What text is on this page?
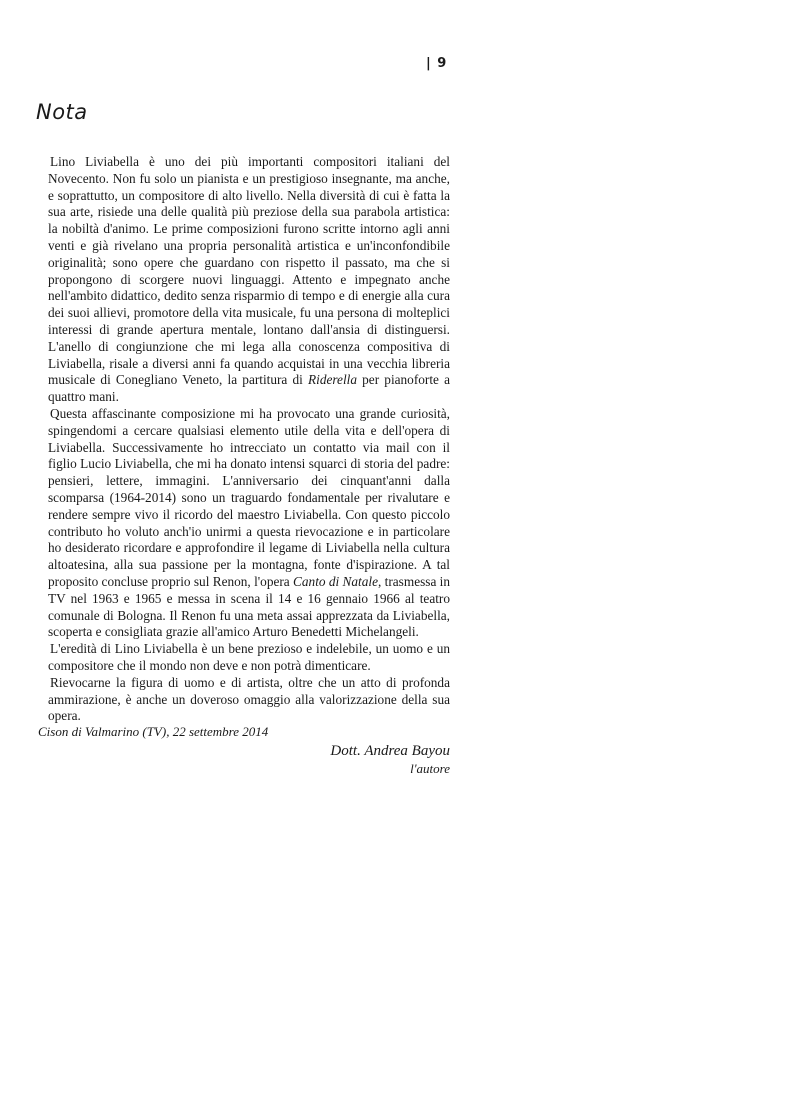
| 9
Nota

Lino Liviabella è uno dei più importanti compositori italiani del Novecento. Non fu solo un pianista e un prestigioso insegnante, ma anche, e soprattutto, un compositore di alto livello. Nella diversità di cui è fatta la sua arte, risiede una delle qualità più preziose della sua parabola artistica: la nobiltà d'animo. Le prime composizioni furono scritte intorno agli anni venti e già rivelano una propria personalità artistica e un'inconfondibile originalità; sono opere che guardano con rispetto il passato, ma che si propongono di scorgere nuovi linguaggi. Attento e impegnato anche nell'ambito didattico, dedito senza risparmio di tempo e di energie alla cura dei suoi allievi, promotore della vita musicale, fu una persona di molteplici interessi di grande apertura mentale, lontano dall'ansia di distinguersi. L'anello di congiunzione che mi lega alla conoscenza compositiva di Liviabella, risale a diversi anni fa quando acquistai in una vecchia libreria musicale di Conegliano Veneto, la partitura di Riderella per pianoforte a quattro mani.

Questa affascinante composizione mi ha provocato una grande curiosità, spingendomi a cercare qualsiasi elemento utile della vita e dell'opera di Liviabella. Successivamente ho intrecciato un contatto via mail con il figlio Lucio Liviabella, che mi ha donato intensi squarci di storia del padre: pensieri, lettere, immagini. L'anniversario dei cinquant'anni dalla scomparsa (1964-2014) sono un traguardo fondamentale per rivalutare e rendere sempre vivo il ricordo del maestro Liviabella. Con questo piccolo contributo ho voluto anch'io unirmi a questa rievocazione e in particolare ho desiderato ricordare e approfondire il legame di Liviabella nella cultura altoatesina, alla sua passione per la montagna, fonte d'ispirazione. A tal proposito concluse proprio sul Renon, l'opera Canto di Natale, trasmessa in TV nel 1963 e 1965 e messa in scena il 14 e 16 gennaio 1966 al teatro comunale di Bologna. Il Renon fu una meta assai apprezzata da Liviabella, scoperta e consigliata grazie all'amico Arturo Benedetti Michelangeli.

L'eredità di Lino Liviabella è un bene prezioso e indelebile, un uomo e un compositore che il mondo non deve e non potrà dimenticare.

Rievocarne la figura di uomo e di artista, oltre che un atto di profonda ammirazione, è anche un doveroso omaggio alla valorizzazione della sua opera.

Cison di Valmarino (TV), 22 settembre 2014
Dott. Andrea Bayou
l'autore
